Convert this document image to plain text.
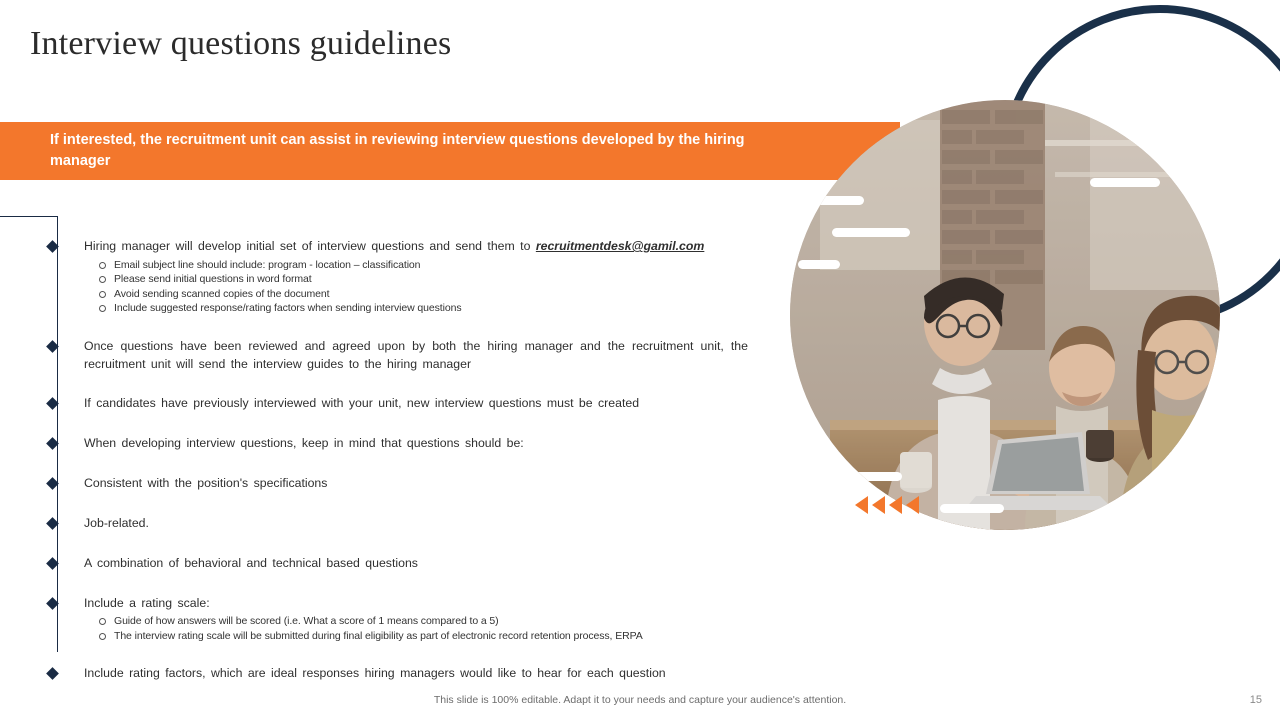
Interview questions guidelines
If interested, the recruitment unit can assist in reviewing interview questions developed by the hiring manager
Hiring manager will develop initial set of interview questions and send them to recruitmentdesk@gamil.com
Email subject line should include: program - location – classification
Please send initial questions in word format
Avoid sending scanned copies of the document
Include suggested response/rating factors when sending interview questions
Once questions have been reviewed and agreed upon by both the hiring manager and the recruitment unit, the recruitment unit will send the interview guides to the hiring manager
If candidates have previously interviewed with your unit, new interview questions must be created
When developing interview questions, keep in mind that questions should be:
Consistent with the position's specifications
Job-related.
A combination of behavioral and technical based questions
Include a rating scale:
Guide of how answers will be scored (i.e. What a score of 1 means compared to a 5)
The interview rating scale will be submitted during final eligibility as part of electronic record retention process, ERPA
Include rating factors, which are ideal responses hiring managers would like to hear for each question
This slide is 100% editable. Adapt it to your needs and capture your audience's attention.	15
